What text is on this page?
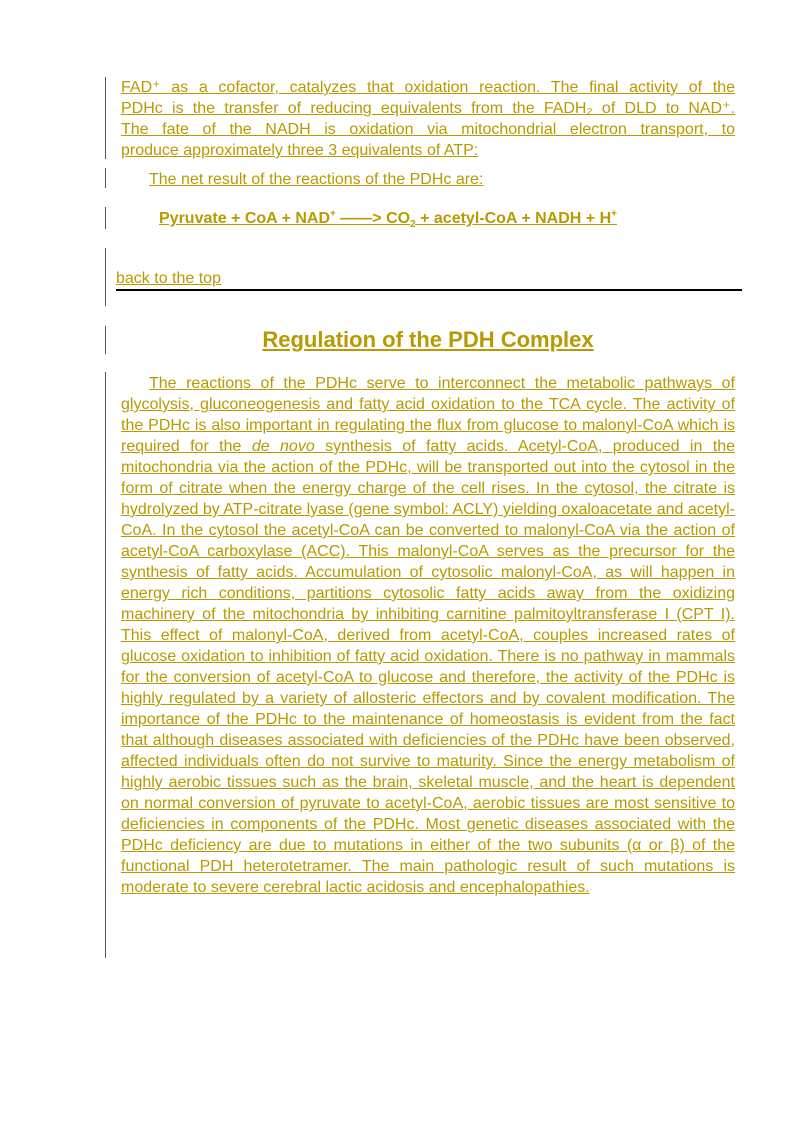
FAD⁺ as a cofactor, catalyzes that oxidation reaction. The final activity of the
PDHc is the transfer of reducing equivalents from the FADH₂ of DLD to NAD⁺.
The fate of the NADH is oxidation via mitochondrial electron transport, to
produce approximately three 3 equivalents of ATP:
The net result of the reactions of the PDHc are:
Pyruvate + CoA + NAD+ ——> $CO_2$ + acetyl-CoA + NADH + H+
back to the top
Regulation of the PDH Complex

The reactions of the PDHc serve to interconnect the metabolic pathways of glycolysis, gluconeogenesis and fatty acid oxidation to the TCA cycle. The activity of the PDHc is also important in regulating the flux from glucose to malonyl-CoA which is required for the de novo synthesis of fatty acids. Acetyl-CoA, produced in the mitochondria via the action of the PDHc, will be transported out into the cytosol in the form of citrate when the energy charge of the cell rises. In the cytosol, the citrate is hydrolyzed by ATP-citrate lyase (gene symbol: ACLY) yielding oxaloacetate and acetyl-CoA. In the cytosol the acetyl-CoA can be converted to malonyl-CoA via the action of acetyl-CoA carboxylase (ACC). This malonyl-CoA serves as the precursor for the synthesis of fatty acids. Accumulation of cytosolic malonyl-CoA, as will happen in energy rich conditions, partitions cytosolic fatty acids away from the oxidizing machinery of the mitochondria by inhibiting carnitine palmitoyltransferase I (CPT I). This effect of malonyl-CoA, derived from acetyl-CoA, couples increased rates of glucose oxidation to inhibition of fatty acid oxidation. There is no pathway in mammals for the conversion of acetyl-CoA to glucose and therefore, the activity of the PDHc is highly regulated by a variety of allosteric effectors and by covalent modification. The importance of the PDHc to the maintenance of homeostasis is evident from the fact that although diseases associated with deficiencies of the PDHc have been observed, affected individuals often do not survive to maturity. Since the energy metabolism of highly aerobic tissues such as the brain, skeletal muscle, and the heart is dependent on normal conversion of pyruvate to acetyl-CoA, aerobic tissues are most sensitive to deficiencies in components of the PDHc. Most genetic diseases associated with the PDHc deficiency are due to mutations in either of the two subunits (α or β) of the functional PDH heterotetramer. The main pathologic result of such mutations is moderate to severe cerebral lactic acidosis and encephalopathies.
